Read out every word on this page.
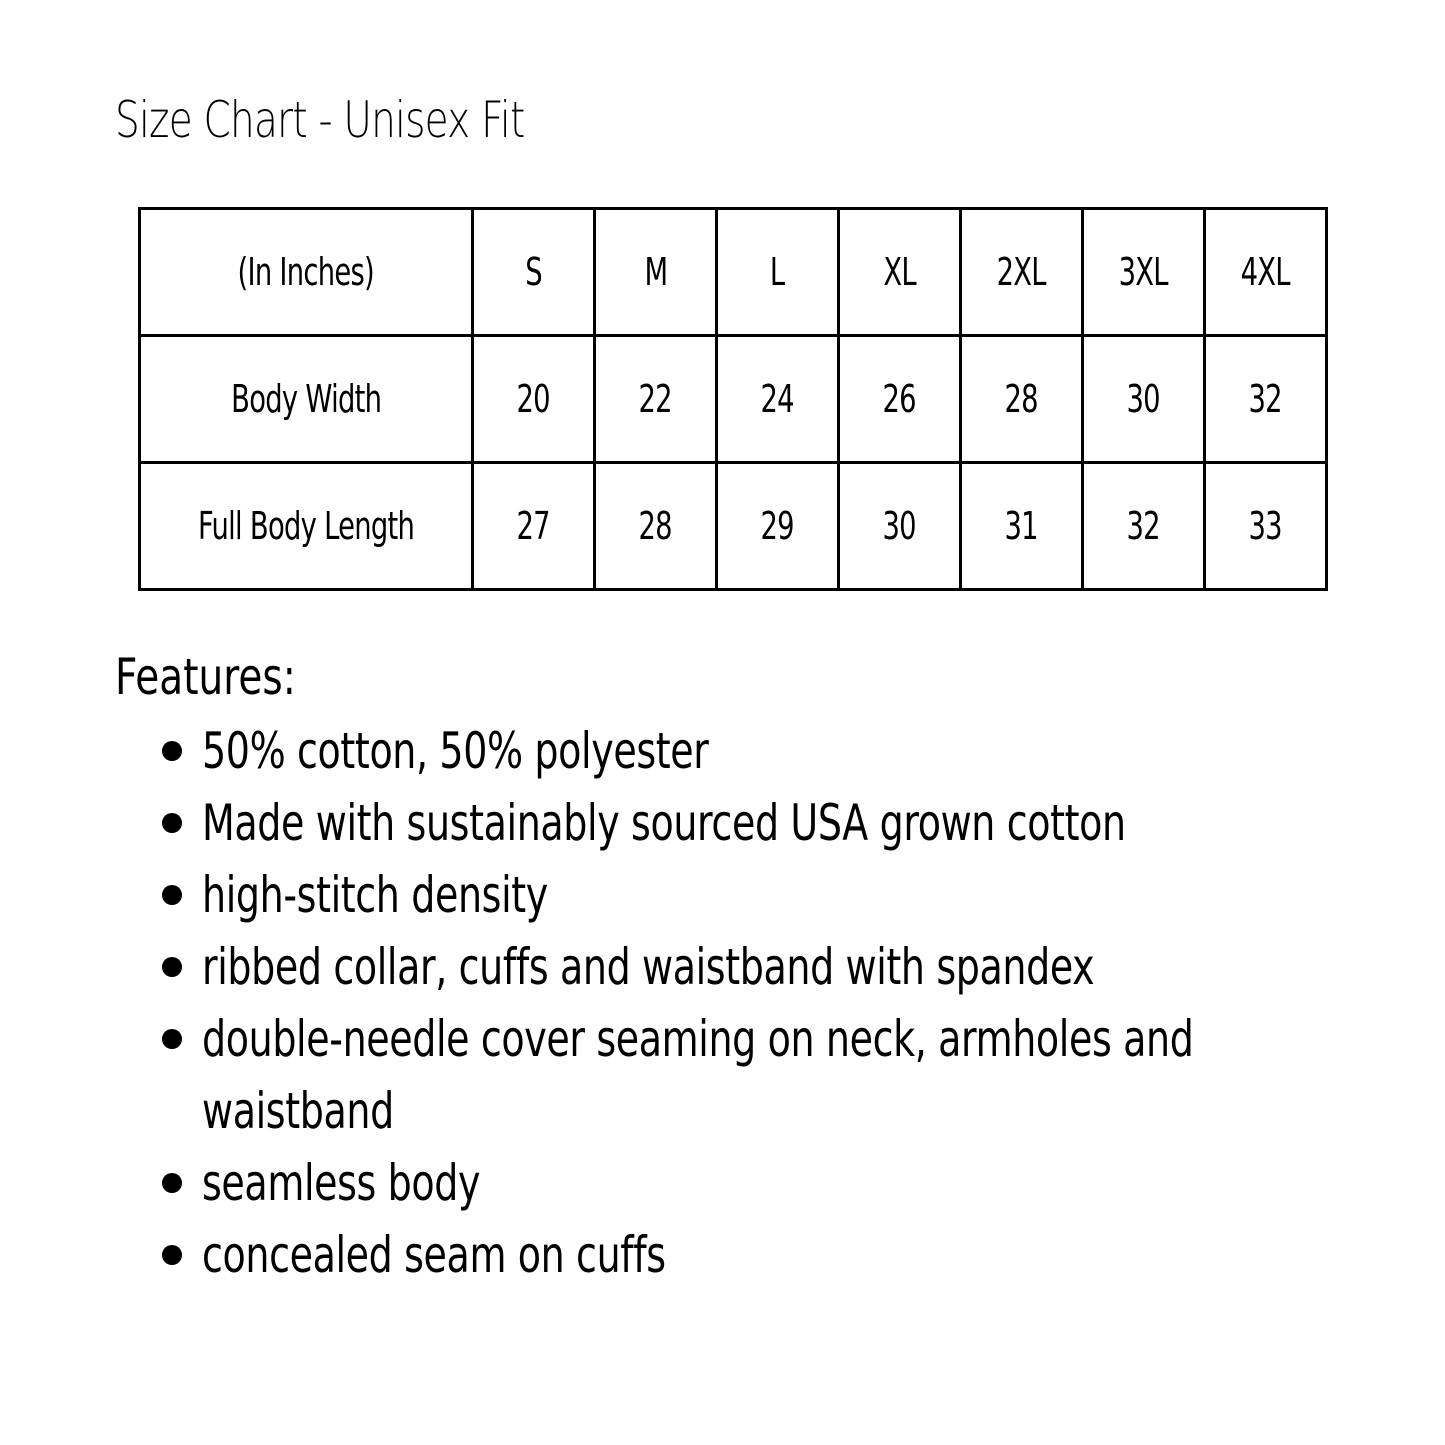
Size Chart - Unisex Fit
(In Inches)	S	M	L	XL	2XL	3XL	4XL
Body Width	20	22	24	26	28	30	32
Full Body Length	27	28	29	30	31	32	33
Features:
50% cotton, 50% polyester
Made with sustainably sourced USA grown cotton
high-stitch density
ribbed collar, cuffs and waistband with spandex
double-needle cover seaming on neck, armholes and waistband
seamless body
concealed seam on cuffs
